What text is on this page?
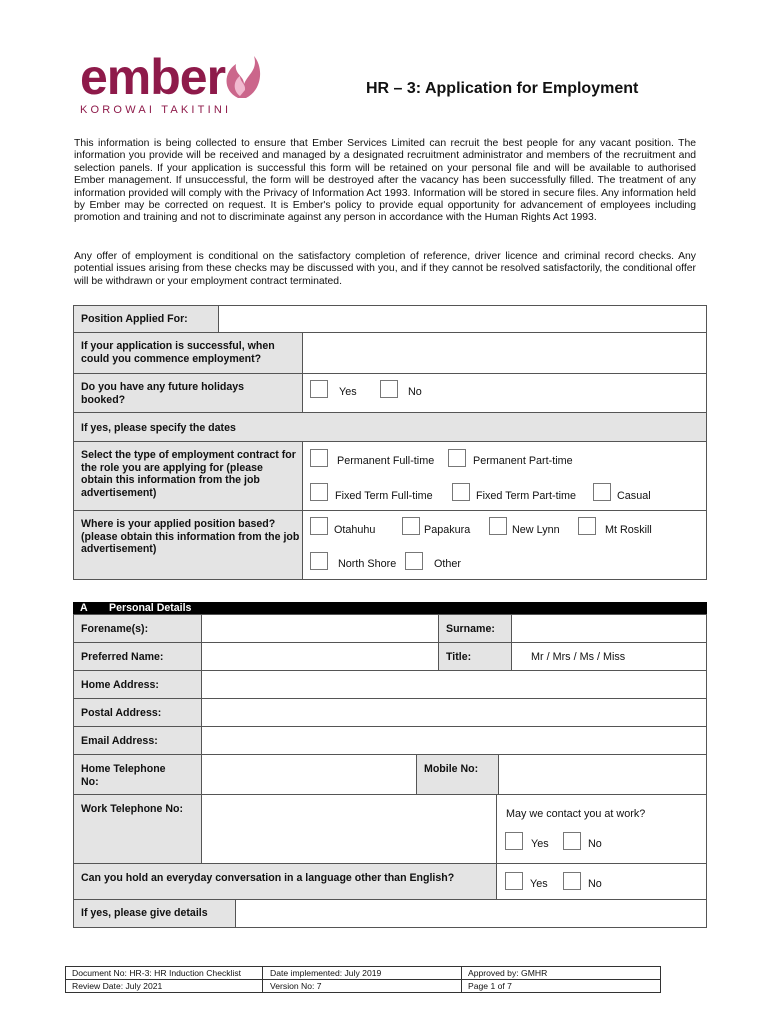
ember
KOROWAI TAKITINI
HR – 3: Application for Employment

This information is being collected to ensure that Ember Services Limited can recruit the best people for any vacant position. The information you provide will be received and managed by a designated recruitment administrator and members of the recruitment and selection panels. If your application is successful this form will be retained on your personal file and will be available to authorised Ember management. If unsuccessful, the form will be destroyed after the vacancy has been successfully filled. The treatment of any information provided will comply with the Privacy of Information Act 1993. Information will be stored in secure files. Any information held by Ember may be corrected on request. It is Ember's policy to provide equal opportunity for advancement of employees including promotion and training and not to discriminate against any person in accordance with the Human Rights Act 1993.

Any offer of employment is conditional on the satisfactory completion of reference, driver licence and criminal record checks. Any potential issues arising from these checks may be discussed with you, and if they cannot be resolved satisfactorily, the conditional offer will be withdrawn or your employment contract terminated.

Position Applied For:
If your application is successful, when could you commence employment?
Do you have any future holidays booked?
Yes	No
If yes, please specify the dates
Select the type of employment contract for the role you are applying for (please obtain this information from the job advertisement)
Permanent Full-time	Permanent Part-time
Fixed Term Full-time	Fixed Term Part-time	Casual
Where is your applied position based? (please obtain this information from the job advertisement)
Otahuhu	Papakura	New Lynn	Mt Roskill
North Shore	Other
A Personal Details
Forename(s):	Surname:
Preferred Name:	Title:	Mr / Mrs / Ms / Miss
Home Address:
Postal Address:
Email Address:
Home Telephone No:
Mobile No:
Work Telephone No:	May we contact you at work?
Yes	No
Can you hold an everyday conversation in a language other than English?	Yes	No
If yes, please give details
Document No: HR-3: HR Induction Checklist	Date implemented: July 2019	Approved by: GMHR
Review Date: July 2021	Version No: 7	Page 1 of 7
